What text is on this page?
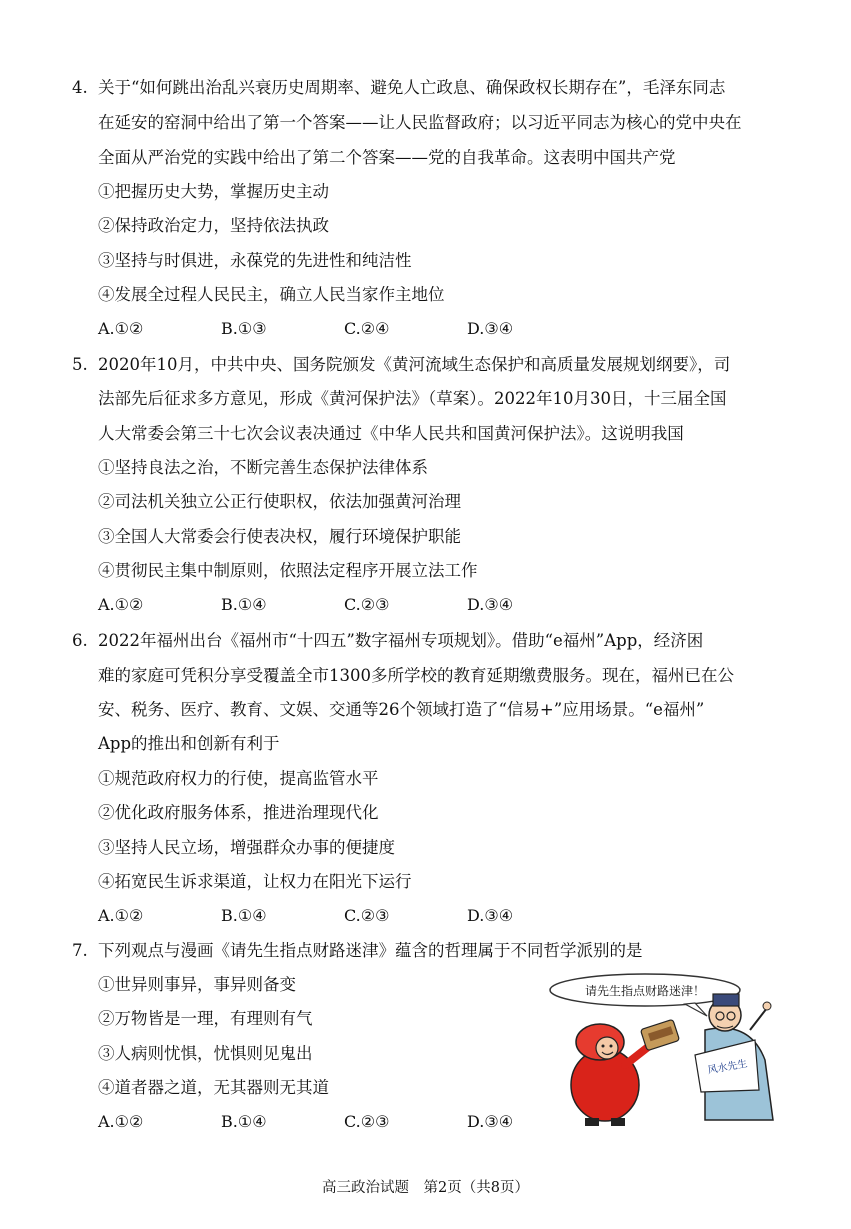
4. 关于“如何跳出治乱兴衰历史周期率、避免人亡政息、确保政权长期存在”，毛泽东同志
在延安的窑洞中给出了第一个答案——让人民监督政府；以习近平同志为核心的党中央在
全面从严治党的实践中给出了第二个答案——党的自我革命。这表明中国共产党
①把握历史大势，掌握历史主动
②保持政治定力，坚持依法执政
③坚持与时俱进，永葆党的先进性和纯洁性
④发展全过程人民民主，确立人民当家作主地位
A.①②	B.①③	C.②④	D.③④
5. 2020年10月，中共中央、国务院颁发《黄河流域生态保护和高质量发展规划纲要》，司
法部先后征求多方意见，形成《黄河保护法》（草案）。2022年10月30日，十三届全国
人大常委会第三十七次会议表决通过《中华人民共和国黄河保护法》。这说明我国
①坚持良法之治，不断完善生态保护法律体系
②司法机关独立公正行使职权，依法加强黄河治理
③全国人大常委会行使表决权，履行环境保护职能
④贯彻民主集中制原则，依照法定程序开展立法工作
A.①②	B.①④	C.②③	D.③④
6. 2022年福州出台《福州市“十四五”数字福州专项规划》。借助“e福州”App，经济困
难的家庭可凭积分享受覆盖全市1300多所学校的教育延期缴费服务。现在，福州已在公
安、税务、医疗、教育、文娱、交通等26个领域打造了“信易+”应用场景。“e福州”
App的推出和创新有利于
①规范政府权力的行使，提高监管水平
②优化政府服务体系，推进治理现代化
③坚持人民立场，增强群众办事的便捷度
④拓宽民生诉求渠道，让权力在阳光下运行
A.①②	B.①④	C.②③	D.③④
7. 下列观点与漫画《请先生指点财路迷津》蕴含的哲理属于不同哲学派别的是
①世异则事异，事异则备变
②万物皆是一理，有理则有气
③人病则忧惧，忧惧则见鬼出
④道者器之道，无其器则无其道
A.①②	B.①④	C.②③	D.③④
请先生指点财路迷津！
风水先生
高三政治试题　第2页（共8页）
